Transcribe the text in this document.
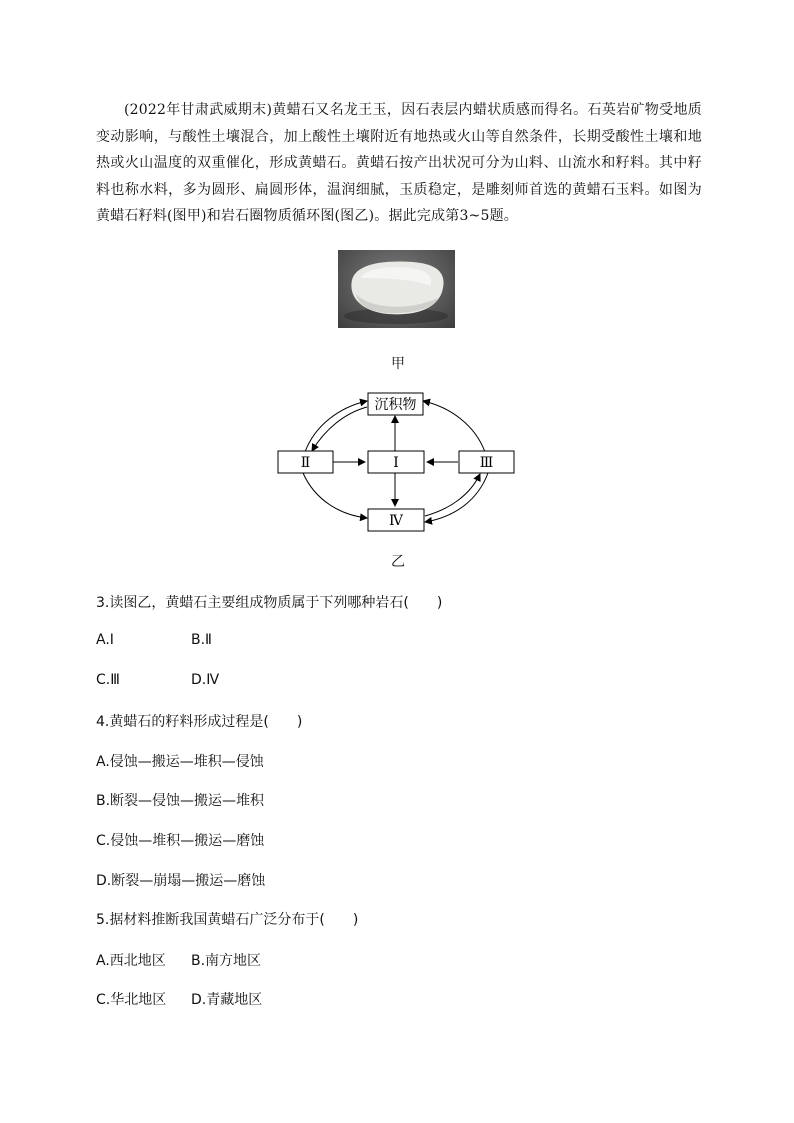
(2022年甘肃武威期末)黄蜡石又名龙王玉，因石表层内蜡状质感而得名。石英岩矿物受地质变动影响，与酸性土壤混合，加上酸性土壤附近有地热或火山等自然条件，长期受酸性土壤和地热或火山温度的双重催化，形成黄蜡石。黄蜡石按产出状况可分为山料、山流水和籽料。其中籽料也称水料，多为圆形、扁圆形体，温润细腻，玉质稳定，是雕刻师首选的黄蜡石玉料。如图为黄蜡石籽料(图甲)和岩石圈物质循环图(图乙)。据此完成第3~5题。
甲
沉积物
Ⅰ
Ⅱ	Ⅲ
Ⅳ
乙
3.读图乙，黄蜡石主要组成物质属于下列哪种岩石(　　)
A.Ⅰ	B.Ⅱ
C.Ⅲ	D.Ⅳ
4.黄蜡石的籽料形成过程是(　　)
A.侵蚀—搬运—堆积—侵蚀
B.断裂—侵蚀—搬运—堆积
C.侵蚀—堆积—搬运—磨蚀
D.断裂—崩塌—搬运—磨蚀
5.据材料推断我国黄蜡石广泛分布于(　　)
A.西北地区 B.南方地区
C.华北地区 D.青藏地区
